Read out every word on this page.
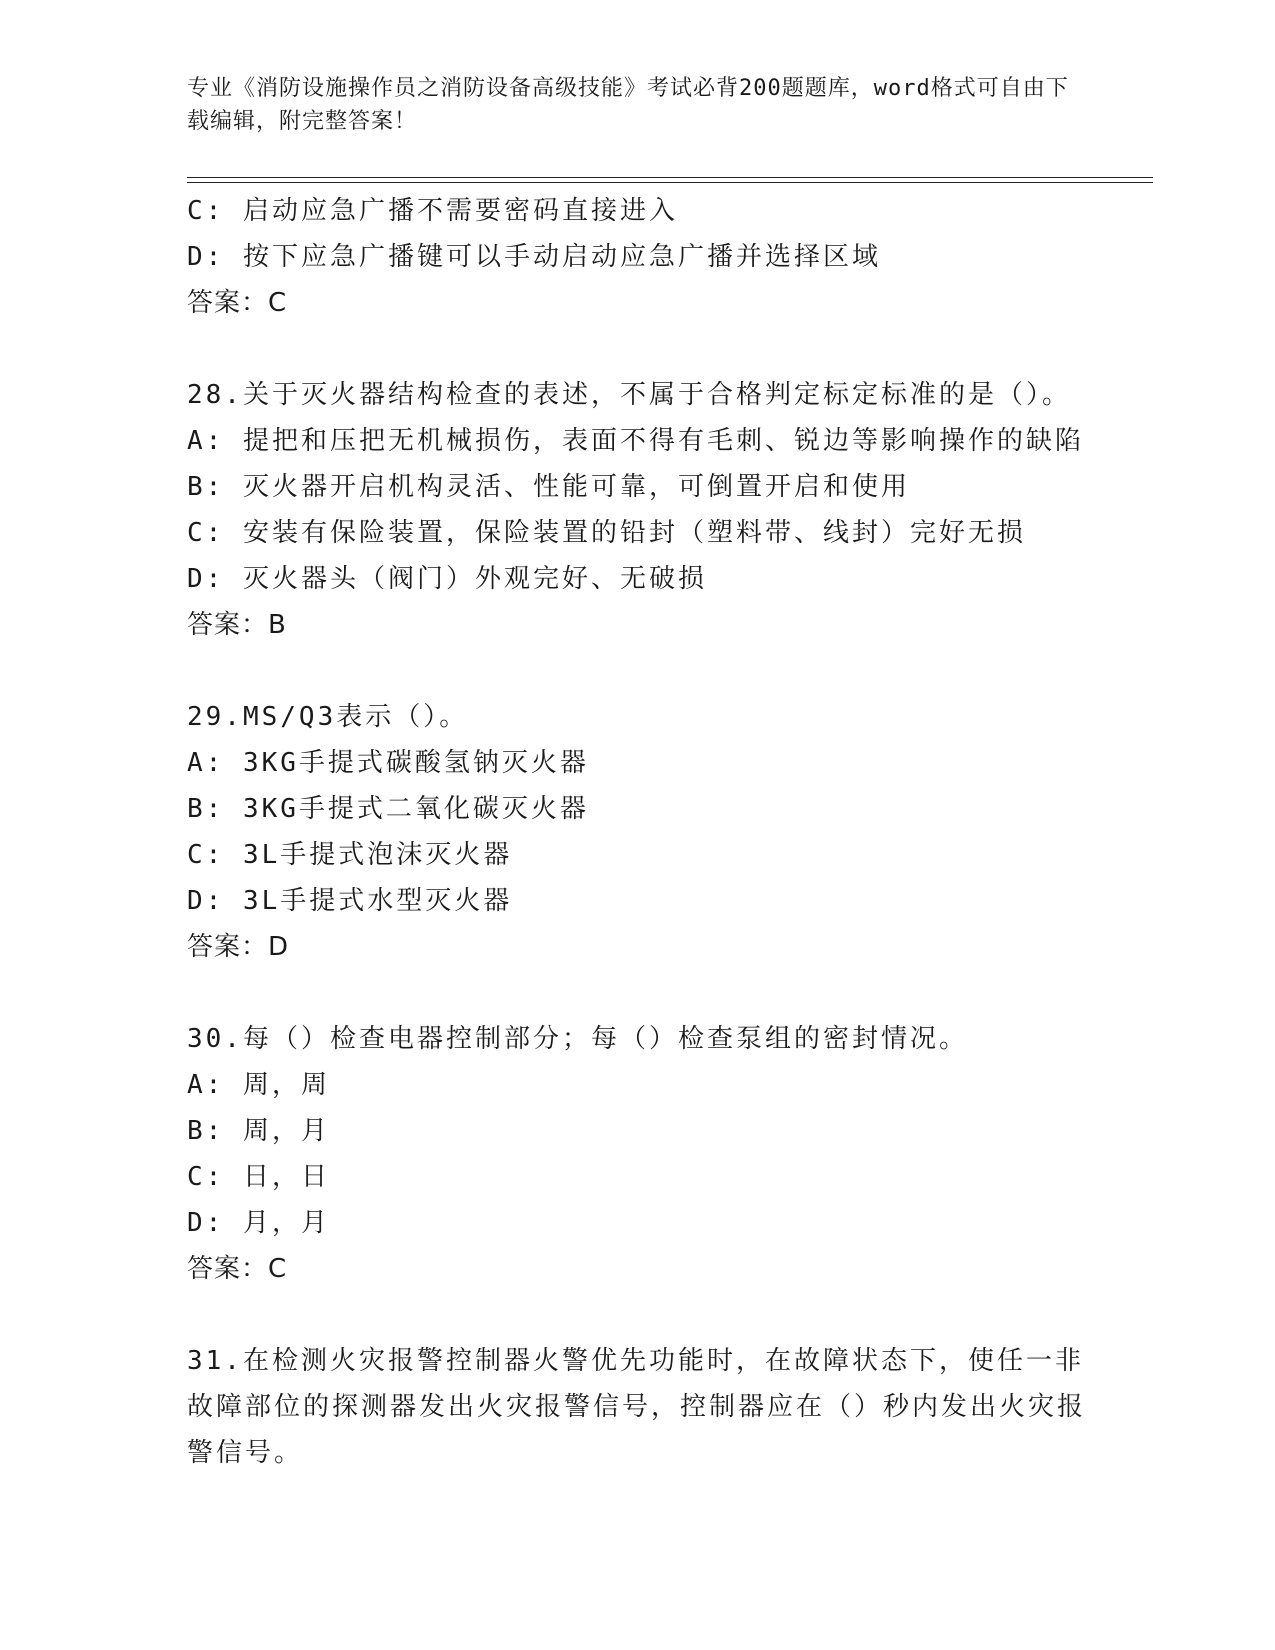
专业《消防设施操作员之消防设备高级技能》考试必背200题题库，word格式可自由下载编辑，附完整答案！
C: 启动应急广播不需要密码直接进入
D: 按下应急广播键可以手动启动应急广播并选择区域
答案：C
28.关于灭火器结构检查的表述，不属于合格判定标定标准的是（）。
A: 提把和压把无机械损伤，表面不得有毛刺、锐边等影响操作的缺陷
B: 灭火器开启机构灵活、性能可靠，可倒置开启和使用
C: 安装有保险装置，保险装置的铅封（塑料带、线封）完好无损
D: 灭火器头（阀门）外观完好、无破损
答案：B
29.MS/Q3表示（）。
A: 3KG手提式碳酸氢钠灭火器
B: 3KG手提式二氧化碳灭火器
C: 3L手提式泡沫灭火器
D: 3L手提式水型灭火器
答案：D
30.每（）检查电器控制部分；每（）检查泵组的密封情况。
A: 周，周
B: 周，月
C: 日，日
D: 月，月
答案：C
31.在检测火灾报警控制器火警优先功能时，在故障状态下，使任一非故障部位的探测器发出火灾报警信号，控制器应在（）秒内发出火灾报警信号。
